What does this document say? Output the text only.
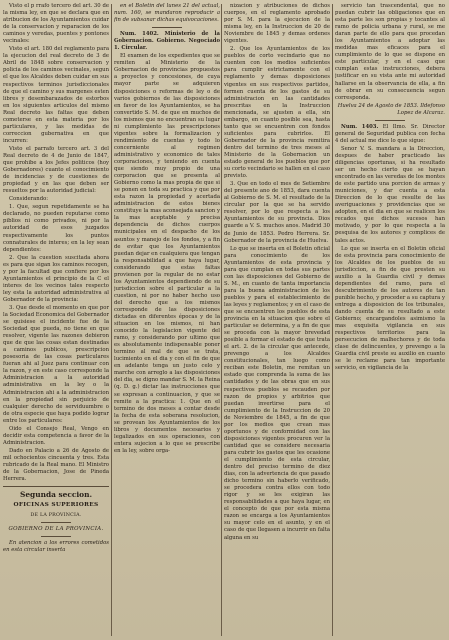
Visto el p rrafo tercero del art. 30 de la misma ley, en que se declara que en atribucion de los Ayuntamientos cuidar de la conservacion y reparacion de los caminos y veredas, puentes y pontones vecinales:

Visto el art. 180 del reglamento para la ejecucion del real decreto de 3 de Abril de 1848 sobre conservacion y policia de los caminos vecinales, segun el que los Alcaldes deben cuidar en sus respectivos terminos jurisdiccionales de que el camino y sus margenes esten libres y desembarazados de estorbos en los siguientes articulos del mismo Real decreto las faltas que deben cometerse en esta materia por los particulares, y las medidas de correccion gubernativa en que incurren:

Visto el parrafo tercero art. 3 del Real decreto de 4 de Junio de 1847, que prohibe a los Jefes politicos (hoy Gobernadores) cuanto el conocimiento de incidencias y de cuestiones de propiedad y en las que deben ser resueltos por la autoridad judicial:

Considerando:

1. Que, segun repetidamente se ha declarado, no pueden reputarse como piblios ni como privados, ni por la autoridad de esos juzgados respectivamente los puntos connaturales de interes; en la ley sean dependientes:

2. Que la cuestion suscitada ahora es para que sigan los caminos recogen, y por la facultad que confiere por los Ayuntamientos el principio de la C el interes de los vecinos tales respecto ley esta la autoridad administrativa al Gobernador de la provincia:

3. Que desde el momento en que por la Sociedad Economica del Gobernador se quisiese el incidente fue de la Sociedad que pueda, no tiene en que resolver, vigente las razones debieron que de que las cosas estan destinadas a caminos publicos, prescripcion posesoria de las cosas particulares fueran ahi al Juez para continuar con la razon, y en este caso corresponde la Administracion a la autoridad administrativa en la ley o la Administracion ahi a la administracion en la propiedad sin perjuicio de cualquier derecho de serviduumbre o de otra especie que haya podido lograr entre los particulares:

Oido el Consejo Real, Vengo en decidir esta competencia a favor de la Administracion.

Dado en Palacio a 26 de Agosto de mil ochocientos cincuenta y tres. Esta rubricado de la Real mano. El Ministro de la Gobernacion, Jose de Pineda Herrera.

Segunda seccion.
OFICINAS SUPERIORES
DE LA PROVINCIA.
GOBIERNO DE LA PROVINCIA.

En atencion a los errores cometidos en esta circular inserta

en el Boletin del lunes 21 del actual, num. 160, se mandaron reproducir a fin de subsanar dichas equivocaciones.

Num. 1402. Ministerio de la Gobernacion. Gobierno. Negociado 1. Circular.

El examen de los expedientes que se remiten al Ministerio de la Gobernacion de provincias propuestos a proyectos y concesiones, de cuya mayor parte se adquieren disposiciones o reformas de ley o de varios gobiernos de las disposiciones en favor de los Ayuntamientos, se ha convertido S. M. de que en muchos de los mismos que no encuentran su lugar ni cumplimiento las prescripciones vigentes sobre la formalizacion y rendimiento de cuentas y todo lo concerniente al regimen administrativo y economico de tales corporaciones, y teniendo en cuenta que siendo muy propio de una corporacion que se presenta al Gobierno como la mas propia de que si se ponen en toda su practica y que por esta razon la propiedad y acertada administracion de estos bienes constituye la mas aconsejada sancion y la mas aceptable y precisa dependencia de dichos cuerpos municipales en el despacho de los asuntos y manejo de los fondos, y a fin de evitar que los Ayuntamientos puedan dejar en cualquiera que tengan la responsabilidad a que haya lugar, considerando que estas faltas provienen por la regular de no estar los Ayuntamientos dependiendo de su jurisdiccion sobre el particular a la cuestion, ni por no haber hecho uso del derecho que a los mismos corresponde de las disposiciones dictadas en diferentes épocas y de la situacion en los mismos, ni han conocido la legislacion vigente del ramo, y considerando por ultimo que es absolutamente indispensable poner termino al mal de que se trata, lucimiento en el dia y con el fin de que en adelante tenga un justo celo y marche con arreglo a las disposiciones del dia, se digno mandar S. M. la Reina (q. D. g.) dictar las instrucciones que se expresan a continuacion, y que se remite a la practica: 1. Que en el termino de dos meses a contar desde la fecha de esta soberana resolucion, se provean los Ayuntamientos de los libros y documentos necesarios y legalizados en sus operaciones, con entera sujecion a lo que se prescribe en la ley, sobre orga-

nizacion y atribuciones de dichos cuerpos, en el reglamento aprobado por S. M. para la ejecucion de la misma ley, en la Instruccion de 20 de Noviembre de 1845 y demas ordenes vigentes.

2. Que los Ayuntamientos de los pueblos de corto vecindario que no cuenten con los medios suficientes para cumplir estrictamente con el reglamento y demas disposiciones vigentes en sus respectivos partidos, formen cuenta de los gastos de su administracion en las cantidades prescritas en la Instruccion mencionada, se ajusten a ella, sin embargo, en cuanto posible sea, hasta tanto que se encuentren con fondos suficientes para cubrirlos. El Gobernador de la provincia remitira dentro del termino de tres meses al Ministerio de la Gobernacion un estado general de los pueblos que por su corto vecindario se hallen en el caso previsto.

3. Que en todo el mes de Setiembre del presente ano de 1853, dara cuenta al Gobierno de S. M. el resultado de la circular por la que se ha servido resolver, por lo que respecta a los Ayuntamientos de su provincia. Dios guarde a V. S. muchos anos. Madrid 30 de Junio de 1853. Pedro Herrera. Sr. Gobernador de la provincia de Huelva.

Lo que se inserta en el Boletin oficial para conocimiento de los Ayuntamientos de esta provincia y para que cumplan en todas sus partes con las disposiciones del Gobierno de S. M., en cuanto de tanta importancia para la buena administracion de los pueblos y para el establecimiento de las leyes y reglamentos; y en el caso de que se encuentren los pueblos de esta provincia en la situacion que sobre el particular se determina, y a fin de que se proceda con la mayor brevedad posible a formar el estado de que trata el art. 2. de la circular que antecede, prevengo a los Alcaldes constitucionales, tan luego como reciban este Boletin, me remitan un estado que comprenda la suma de las cantidades y de las obras que en sus respectivos pueblos se recauden por razon de propios y arbitrios que puedan invertirse para el cumplimiento de la Instruccion de 20 de Noviembre de 1845, a fin de que por los medios que crean mas oportunos y de conformidad con las disposiciones vigentes procuren ver la cantidad que se considere necesaria para cubrir los gastos que les ocasione el cumplimiento de esta circular, dentro del preciso termino de diez dias, con la advertencia de que pasado dicho termino sin haberlo verificado, se procedera contra ellos con todo rigor y se les exigiran las responsabilidades a que haya lugar, en el concepto de que por esta misma razon se encarga a los Ayuntamientos su mayor celo en el asunto, y en el caso de que llegasen a incurrir en falta alguna en su

servicio tan trascendental, que no puedan cubrir las obligaciones que en esta parte les son propias y tocantes al ramo de policia urbana y rural, se me daran parte de ello para que procedan los Ayuntamientos a adoptar las medidas mas eficaces para el cumplimiento de lo que se dispone en este particular, y en el caso que cumplan estas instrucciones, debera justificar en su vista ante mi autoridad hallarse en la observancia de ella, a fin de obrar en su consecuencia segun corresponda.

Huelva 24 de Agosto de 1853. Ildefonso Lopez de Alcaraz.

Num. 1403. El Ilmo. Sr. Director general de Seguridad publica con fecha 4 del actual me dice lo que sigue:

Senor V. S. mandara a la Direccion, despues de haber practicado las diligencias oportunas, si ha resultado ser un hecho cierto que se hayan encontrado en las veredas de los montes de este partido una porcion de armas y municiones, y dar cuenta a esta Direccion de lo que resulte de las averiguaciones y providencias que se adopten, en el dia en que se realicen los recados que dichos sucesos han motivado, y por lo que respecta a la pesquisa de los autores y complices de tales actos.

Lo que se inserta en el Boletin oficial de esta provincia para conocimiento de los Alcaldes de los pueblos de su jurisdiccion, a fin de que presten su auxilio a la Guardia civil y demas dependientes del ramo, para el descubrimiento de los autores de tan punible hecho, y proceder a su captura y entrega a disposicion de los tribunales, dando cuenta de su resultado a este Gobierno; encargandoles asimismo la mas exquisita vigilancia en sus respectivos territorios para la persecucion de malhechores y de toda clase de delincuentes, y prevengo a la Guardia civil preste su auxilio en cuanto se le reclame para tan importante servicio, en vigilancia de la
